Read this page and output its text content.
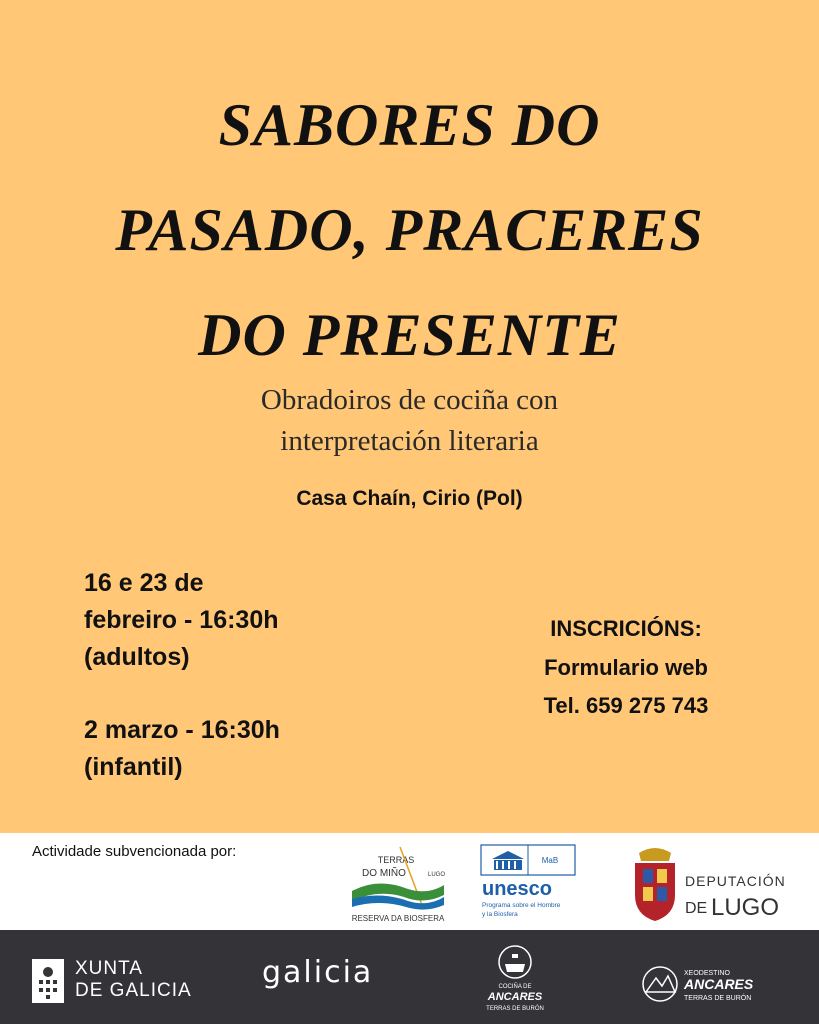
SABORES DO
PASADO, PRACERES
DO PRESENTE
Obradoiros de cociña con
interpretación literaria
Casa Chaín, Cirio (Pol)
16 e 23 de
febreiro - 16:30h
(adultos)
2 marzo - 16:30h
(infantil)
INSCRICIÓNS:
Formulario web
Tel. 659 275 743
Actividade subvencionada por:	TERRAS
DO MIÑO	LUGO
RESERVA DA BIOSFERA
MaB
unesco
Programa sobre el Hombre
y la Biosfera
DEPUTACIÓN
DE LUGO
XUNTA
DE GALICIA
galicia	COCIÑA DE
ANCARES
TERRAS DE BURÓN
XEODESTINO
ANCARES
TERRAS DE BURÓN
